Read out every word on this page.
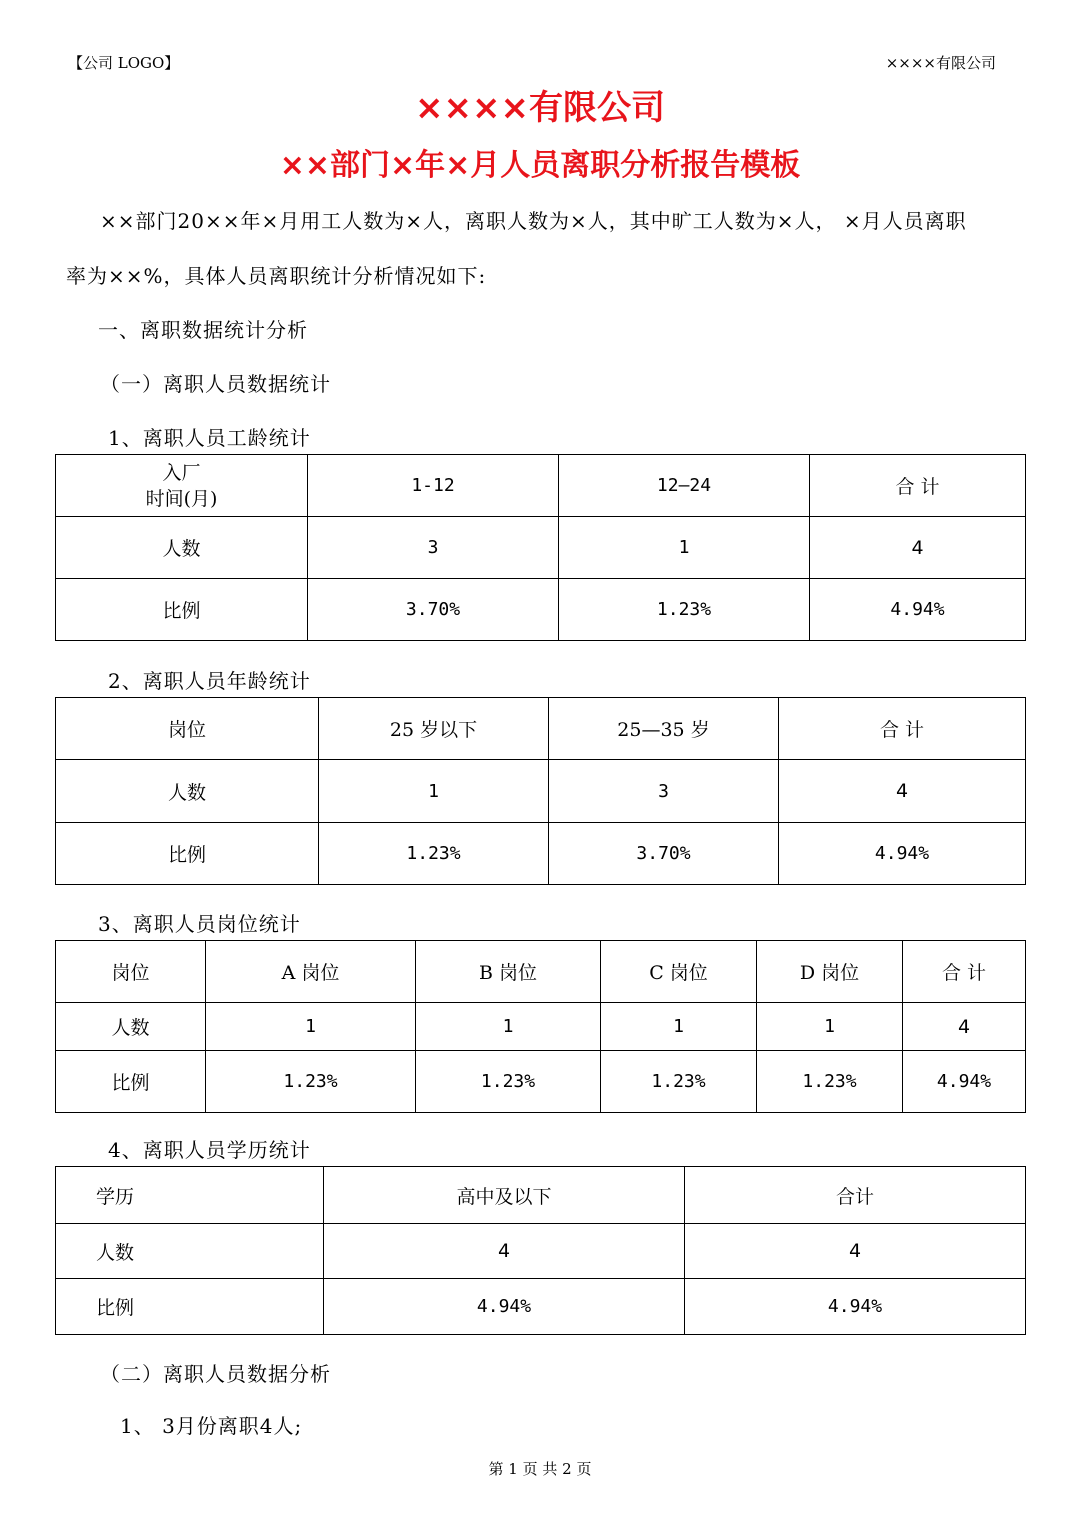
【公司 LOGO】	××××有限公司
××××有限公司
××部门×年×月人员离职分析报告模板
××部门20××年×月用工人数为×人，离职人数为×人，其中旷工人数为×人， ×月人员离职
率为××%，具体人员离职统计分析情况如下:
一、离职数据统计分析
（一）离职人员数据统计
1、离职人员工龄统计
入厂
时间(月)	1-12	12—24	合 计
人数	3	1	4
比例	3.70%	1.23%	4.94%
2、离职人员年龄统计
岗位	25 岁以下	25—35 岁	合 计
人数	1	3	4
比例	1.23%	3.70%	4.94%
3、离职人员岗位统计
岗位	A 岗位	B 岗位	C 岗位	D 岗位	合 计
人数	1	1	1	1	4
比例	1.23%	1.23%	1.23%	1.23%	4.94%
4、离职人员学历统计
学历	高中及以下	合计
人数	4	4
比例	4.94%	4.94%
（二）离职人员数据分析
1、 3月份离职4人;
第 1 页 共 2 页
